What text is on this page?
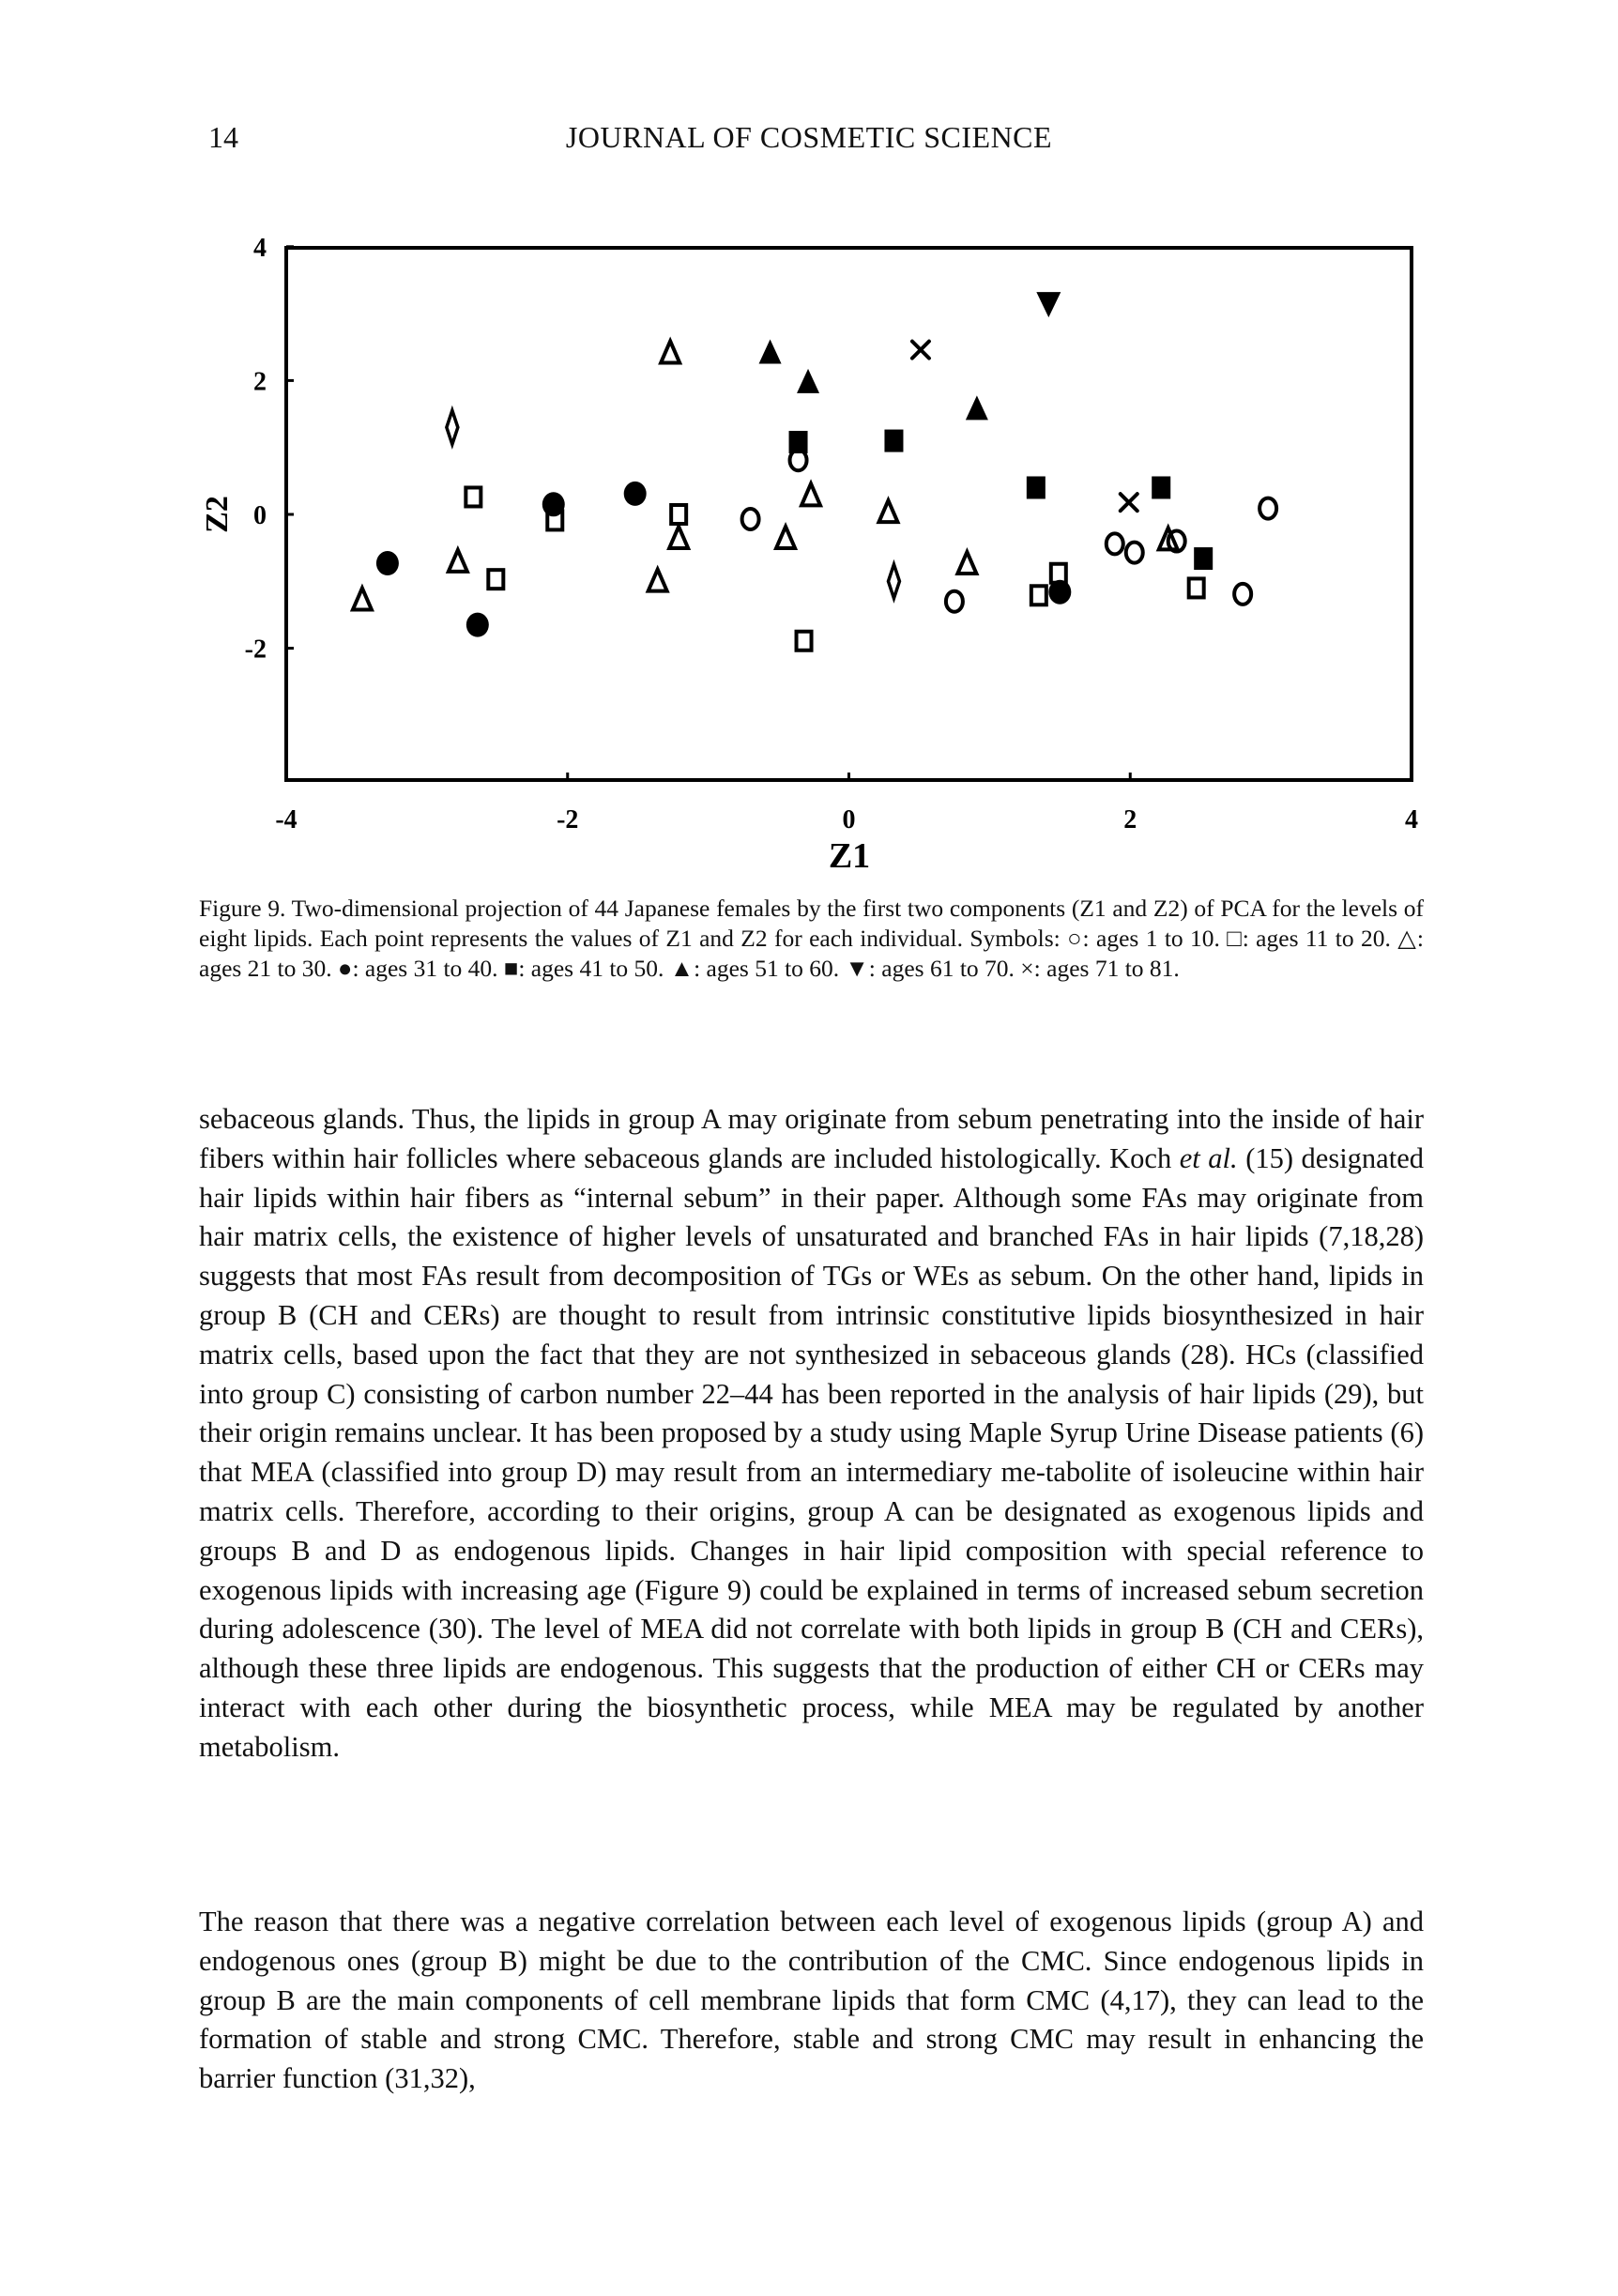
14	JOURNAL OF COSMETIC SCIENCE
-4	-2	0	2	4
4
2
0
-2
Z2
Z1
Figure 9. Two-dimensional projection of 44 Japanese females by the first two components (Z1 and Z2) of PCA for the levels of eight lipids. Each point represents the values of Z1 and Z2 for each individual. Symbols: ○: ages 1 to 10. □: ages 11 to 20. △: ages 21 to 30. ●: ages 31 to 40. ■: ages 41 to 50. ▲: ages 51 to 60. ▼: ages 61 to 70. ×: ages 71 to 81.
sebaceous glands. Thus, the lipids in group A may originate from sebum penetrating into the inside of hair fibers within hair follicles where sebaceous glands are included histologically. Koch et al. (15) designated hair lipids within hair fibers as “internal sebum” in their paper. Although some FAs may originate from hair matrix cells, the existence of higher levels of unsaturated and branched FAs in hair lipids (7,18,28) suggests that most FAs result from decomposition of TGs or WEs as sebum. On the other hand, lipids in group B (CH and CERs) are thought to result from intrinsic constitutive lipids biosynthesized in hair matrix cells, based upon the fact that they are not synthesized in sebaceous glands (28). HCs (classified into group C) consisting of carbon number 22–44 has been reported in the analysis of hair lipids (29), but their origin remains unclear. It has been proposed by a study using Maple Syrup Urine Disease patients (6) that MEA (classified into group D) may result from an intermediary me-tabolite of isoleucine within hair matrix cells. Therefore, according to their origins, group A can be designated as exogenous lipids and groups B and D as endogenous lipids. Changes in hair lipid composition with special reference to exogenous lipids with increasing age (Figure 9) could be explained in terms of increased sebum secretion during adolescence (30). The level of MEA did not correlate with both lipids in group B (CH and CERs), although these three lipids are endogenous. This suggests that the production of either CH or CERs may interact with each other during the biosynthetic process, while MEA may be regulated by another metabolism.
The reason that there was a negative correlation between each level of exogenous lipids (group A) and endogenous ones (group B) might be due to the contribution of the CMC. Since endogenous lipids in group B are the main components of cell membrane lipids that form CMC (4,17), they can lead to the formation of stable and strong CMC. Therefore, stable and strong CMC may result in enhancing the barrier function (31,32),
